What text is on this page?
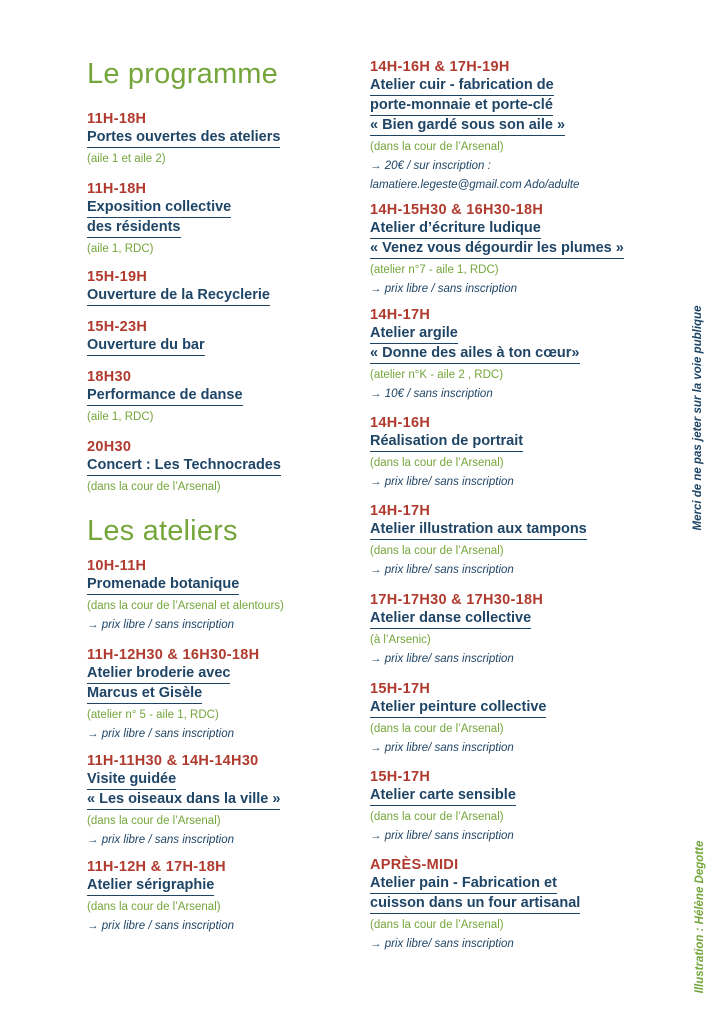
Le programme
11H-18H
Portes ouvertes des ateliers
(aile 1 et aile 2)
11H-18H
Exposition collective
des résidents
(aile 1, RDC)
15H-19H
Ouverture de la Recyclerie
15H-23H
Ouverture du bar
18H30
Performance de danse
(aile 1, RDC)
20H30
Concert : Les Technocrades
(dans la cour de l’Arsenal)
Les ateliers
10H-11H
Promenade botanique
(dans la cour de l’Arsenal et alentours)
→ prix libre / sans inscription
11H-12H30 & 16H30-18H
Atelier broderie avec
Marcus et Gisèle
(atelier n° 5 - aile 1, RDC)
→ prix libre / sans inscription
11H-11H30 & 14H-14H30
Visite guidée
« Les oiseaux dans la ville »
(dans la cour de l’Arsenal)
→ prix libre / sans inscription
11H-12H & 17H-18H
Atelier sérigraphie
(dans la cour de l’Arsenal)
→ prix libre / sans inscription
14H-16H & 17H-19H
Atelier cuir - fabrication de
porte-monnaie et porte-clé
« Bien gardé sous son aile »
(dans la cour de l’Arsenal)
→ 20€ / sur inscription :
lamatiere.legeste@gmail.com Ado/adulte
14H-15H30 & 16H30-18H
Atelier d’écriture ludique
« Venez vous dégourdir les plumes »
(atelier n°7 - aile 1, RDC)
→ prix libre / sans inscription
14H-17H
Atelier argile
« Donne des ailes à ton cœur»
(atelier n°K - aile 2 , RDC)
→ 10€ / sans inscription
14H-16H
Réalisation de portrait
(dans la cour de l’Arsenal)
→ prix libre/ sans inscription
14H-17H
Atelier illustration aux tampons
(dans la cour de l’Arsenal)
→ prix libre/ sans inscription
17H-17H30 & 17H30-18H
Atelier danse collective
(à l’Arsenic)
→ prix libre/ sans inscription
15H-17H
Atelier peinture collective
(dans la cour de l’Arsenal)
→ prix libre/ sans inscription
15H-17H
Atelier carte sensible
(dans la cour de l’Arsenal)
→ prix libre/ sans inscription
APRÈS-MIDI
Atelier pain - Fabrication et
cuisson dans un four artisanal
(dans la cour de l’Arsenal)
→ prix libre/ sans inscription
Merci de ne pas jeter sur la voie publique
Illustration : Hélène Degotte
